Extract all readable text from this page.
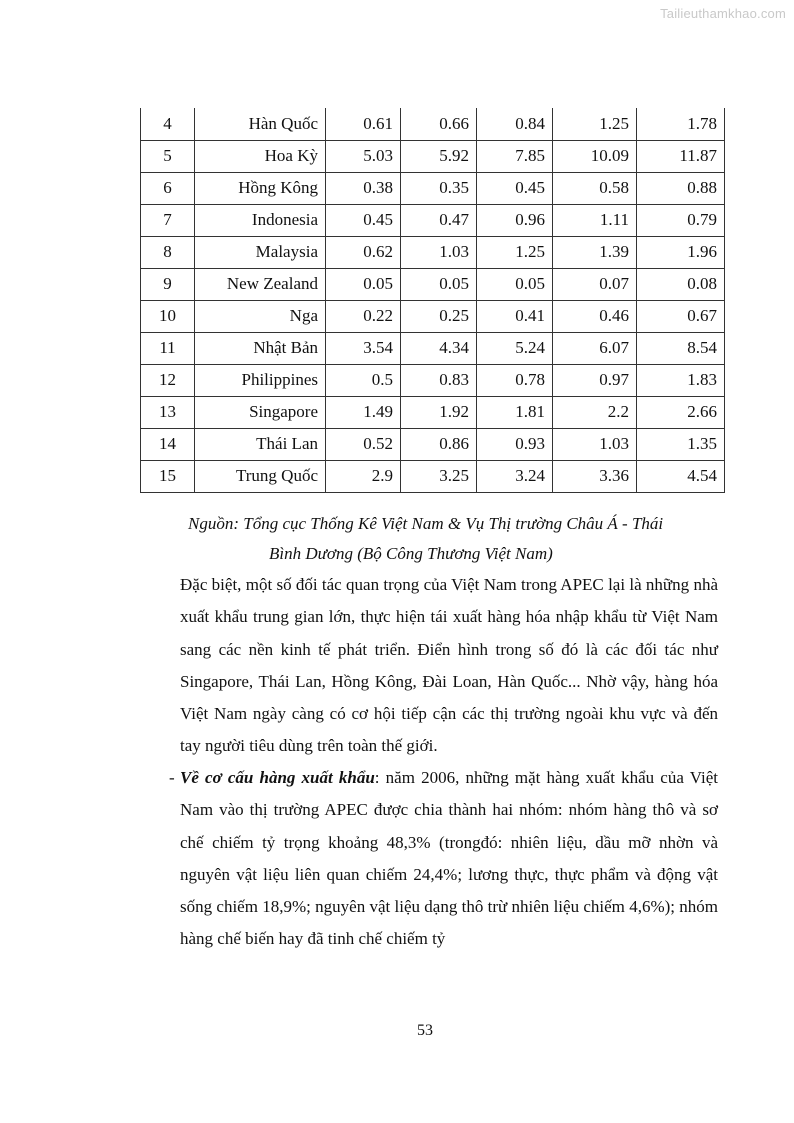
Tailieuthamkhao.com
4	Hàn Quốc	0.61	0.66	0.84	1.25	1.78
5	Hoa Kỳ	5.03	5.92	7.85	10.09	11.87
6	Hồng Kông	0.38	0.35	0.45	0.58	0.88
7	Indonesia	0.45	0.47	0.96	1.11	0.79
8	Malaysia	0.62	1.03	1.25	1.39	1.96
9	New Zealand	0.05	0.05	0.05	0.07	0.08
10	Nga	0.22	0.25	0.41	0.46	0.67
11	Nhật Bản	3.54	4.34	5.24	6.07	8.54
12	Philippines	0.5	0.83	0.78	0.97	1.83
13	Singapore	1.49	1.92	1.81	2.2	2.66
14	Thái Lan	0.52	0.86	0.93	1.03	1.35
15	Trung Quốc	2.9	3.25	3.24	3.36	4.54
Nguồn: Tổng cục Thống Kê Việt Nam & Vụ Thị trường Châu Á - Thái
Bình Dương (Bộ Công Thương Việt Nam)
Đặc biệt, một số đối tác quan trọng của Việt Nam trong APEC lại là những nhà xuất khẩu trung gian lớn, thực hiện tái xuất hàng hóa nhập khẩu từ Việt Nam sang các nền kinh tế phát triển. Điển hình trong số đó là các đối tác như Singapore, Thái Lan, Hồng Kông, Đài Loan, Hàn Quốc... Nhờ vậy, hàng hóa Việt Nam ngày càng có cơ hội tiếp cận các thị trường ngoài khu vực và đến tay người tiêu dùng trên toàn thế giới.
- Về cơ cấu hàng xuất khẩu: năm 2006, những mặt hàng xuất khẩu của Việt Nam vào thị trường APEC được chia thành hai nhóm: nhóm hàng thô và sơ chế chiếm tỷ trọng khoảng 48,3% (trongđó: nhiên liệu, dầu mỡ nhờn và nguyên vật liệu liên quan chiếm 24,4%; lương thực, thực phẩm và động vật sống chiếm 18,9%; nguyên vật liệu dạng thô trừ nhiên liệu chiếm 4,6%); nhóm hàng chế biến hay đã tinh chế chiếm tỷ
53
